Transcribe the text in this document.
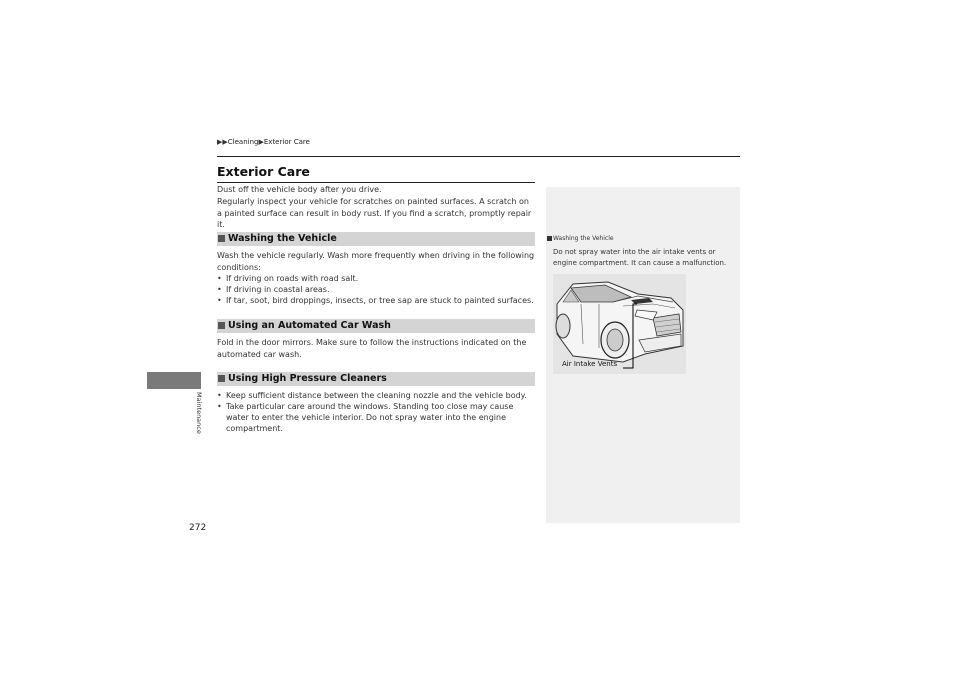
▶▶Cleaning▶Exterior Care
Exterior Care
Dust off the vehicle body after you drive.
Regularly inspect your vehicle for scratches on painted surfaces. A scratch on a painted surface can result in body rust. If you find a scratch, promptly repair it.
Washing the Vehicle
Wash the vehicle regularly. Wash more frequently when driving in the following conditions:
• If driving on roads with road salt.
• If driving in coastal areas.
• If tar, soot, bird droppings, insects, or tree sap are stuck to painted surfaces.
Using an Automated Car Wash
Fold in the door mirrors. Make sure to follow the instructions indicated on the automated car wash.
Using High Pressure Cleaners
• Keep sufficient distance between the cleaning nozzle and the vehicle body.
• Take particular care around the windows. Standing too close may cause water to enter the vehicle interior. Do not spray water into the engine compartment.
Washing the Vehicle
Do not spray water into the air intake vents or engine compartment. It can cause a malfunction.
Air Intake Vents
Maintenance
272
